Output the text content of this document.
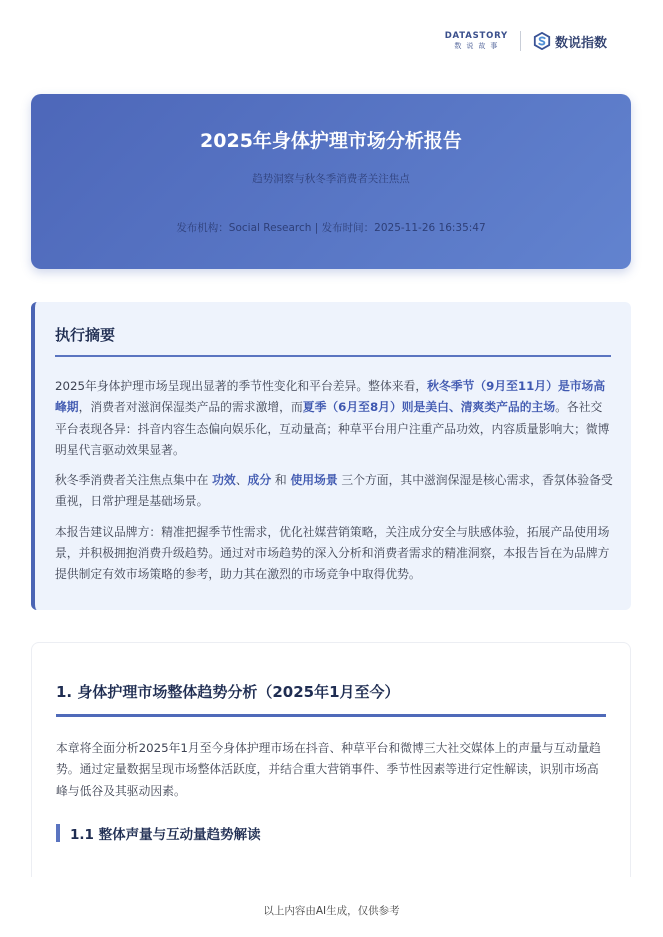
DATASTORY
数说故事	数说指数
2025年身体护理市场分析报告
趋势洞察与秋冬季消费者关注焦点
发布机构：Social Research | 发布时间：2025-11-26 16:35:47
执行摘要

2025年身体护理市场呈现出显著的季节性变化和平台差异。整体来看，秋冬季节（9月至11月）是市场高峰期，消费者对滋润保湿类产品的需求激增，而夏季（6月至8月）则是美白、清爽类产品的主场。各社交平台表现各异：抖音内容生态偏向娱乐化，互动量高；种草平台用户注重产品功效，内容质量影响大；微博明星代言驱动效果显著。

秋冬季消费者关注焦点集中在 功效、成分 和 使用场景 三个方面，其中滋润保湿是核心需求，香氛体验备受重视，日常护理是基础场景。

本报告建议品牌方：精准把握季节性需求，优化社媒营销策略，关注成分安全与肤感体验，拓展产品使用场景，并积极拥抱消费升级趋势。通过对市场趋势的深入分析和消费者需求的精准洞察，本报告旨在为品牌方提供制定有效市场策略的参考，助力其在激烈的市场竞争中取得优势。

1. 身体护理市场整体趋势分析（2025年1月至今）
本章将全面分析2025年1月至今身体护理市场在抖音、种草平台和微博三大社交媒体上的声量与互动量趋势。通过定量数据呈现市场整体活跃度，并结合重大营销事件、季节性因素等进行定性解读，识别市场高峰与低谷及其驱动因素。
1.1 整体声量与互动量趋势解读
以上内容由AI生成，仅供参考
